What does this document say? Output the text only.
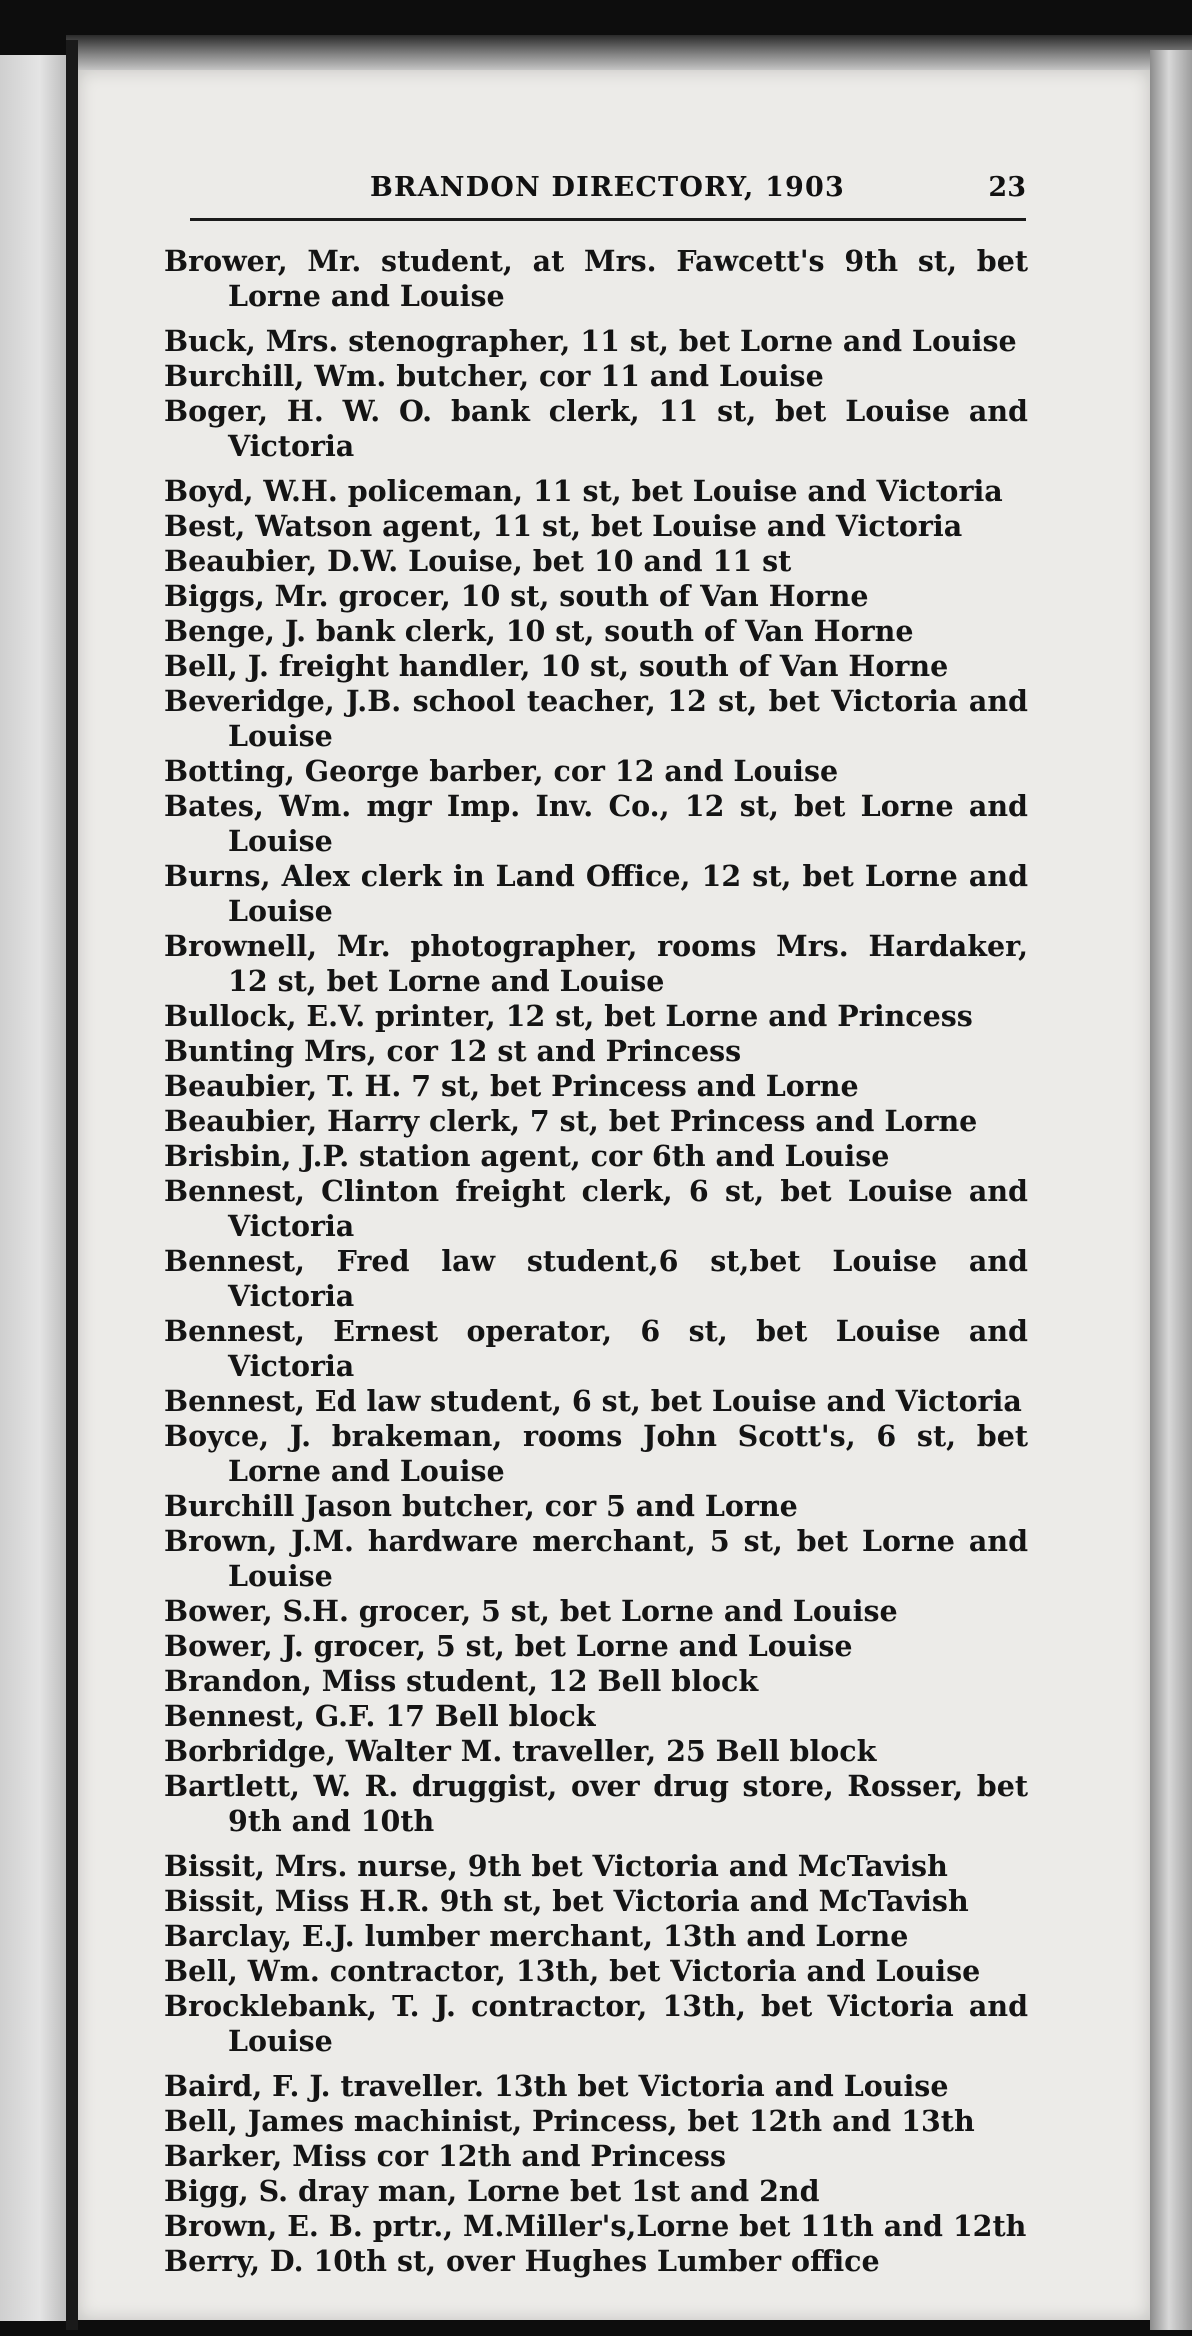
BRANDON DIRECTORY, 1903	23
Brower, Mr. student, at Mrs. Fawcett's 9th st, bet Lorne and Louise
Buck, Mrs. stenographer, 11 st, bet Lorne and Louise
Burchill, Wm. butcher, cor 11 and Louise
Boger, H. W. O. bank clerk, 11 st, bet Louise and Victoria
Boyd, W.H. policeman, 11 st, bet Louise and Victoria
Best, Watson agent, 11 st, bet Louise and Victoria
Beaubier, D.W. Louise, bet 10 and 11 st
Biggs, Mr. grocer, 10 st, south of Van Horne
Benge, J. bank clerk, 10 st, south of Van Horne
Bell, J. freight handler, 10 st, south of Van Horne
Beveridge, J.B. school teacher, 12 st, bet Victoria and Louise
Botting, George barber, cor 12 and Louise
Bates, Wm. mgr Imp. Inv. Co., 12 st, bet Lorne and Louise
Burns, Alex clerk in Land Office, 12 st, bet Lorne and Louise
Brownell, Mr. photographer, rooms Mrs. Hardaker, 12 st, bet Lorne and Louise
Bullock, E.V. printer, 12 st, bet Lorne and Princess
Bunting Mrs, cor 12 st and Princess
Beaubier, T. H. 7 st, bet Princess and Lorne
Beaubier, Harry clerk, 7 st, bet Princess and Lorne
Brisbin, J.P. station agent, cor 6th and Louise
Bennest, Clinton freight clerk, 6 st, bet Louise and Victoria
Bennest, Fred law student,6 st,bet Louise and Victoria
Bennest, Ernest operator, 6 st, bet Louise and Victoria
Bennest, Ed law student, 6 st, bet Louise and Victoria
Boyce, J. brakeman, rooms John Scott's, 6 st, bet Lorne and Louise
Burchill Jason butcher, cor 5 and Lorne
Brown, J.M. hardware merchant, 5 st, bet Lorne and Louise
Bower, S.H. grocer, 5 st, bet Lorne and Louise
Bower, J. grocer, 5 st, bet Lorne and Louise
Brandon, Miss student, 12 Bell block
Bennest, G.F. 17 Bell block
Borbridge, Walter M. traveller, 25 Bell block
Bartlett, W. R. druggist, over drug store, Rosser, bet 9th and 10th
Bissit, Mrs. nurse, 9th bet Victoria and McTavish
Bissit, Miss H.R. 9th st, bet Victoria and McTavish
Barclay, E.J. lumber merchant, 13th and Lorne
Bell, Wm. contractor, 13th, bet Victoria and Louise
Brocklebank, T. J. contractor, 13th, bet Victoria and Louise
Baird, F. J. traveller. 13th bet Victoria and Louise
Bell, James machinist, Princess, bet 12th and 13th
Barker, Miss cor 12th and Princess
Bigg, S. dray man, Lorne bet 1st and 2nd
Brown, E. B. prtr., M.Miller's,Lorne bet 11th and 12th
Berry, D. 10th st, over Hughes Lumber office
